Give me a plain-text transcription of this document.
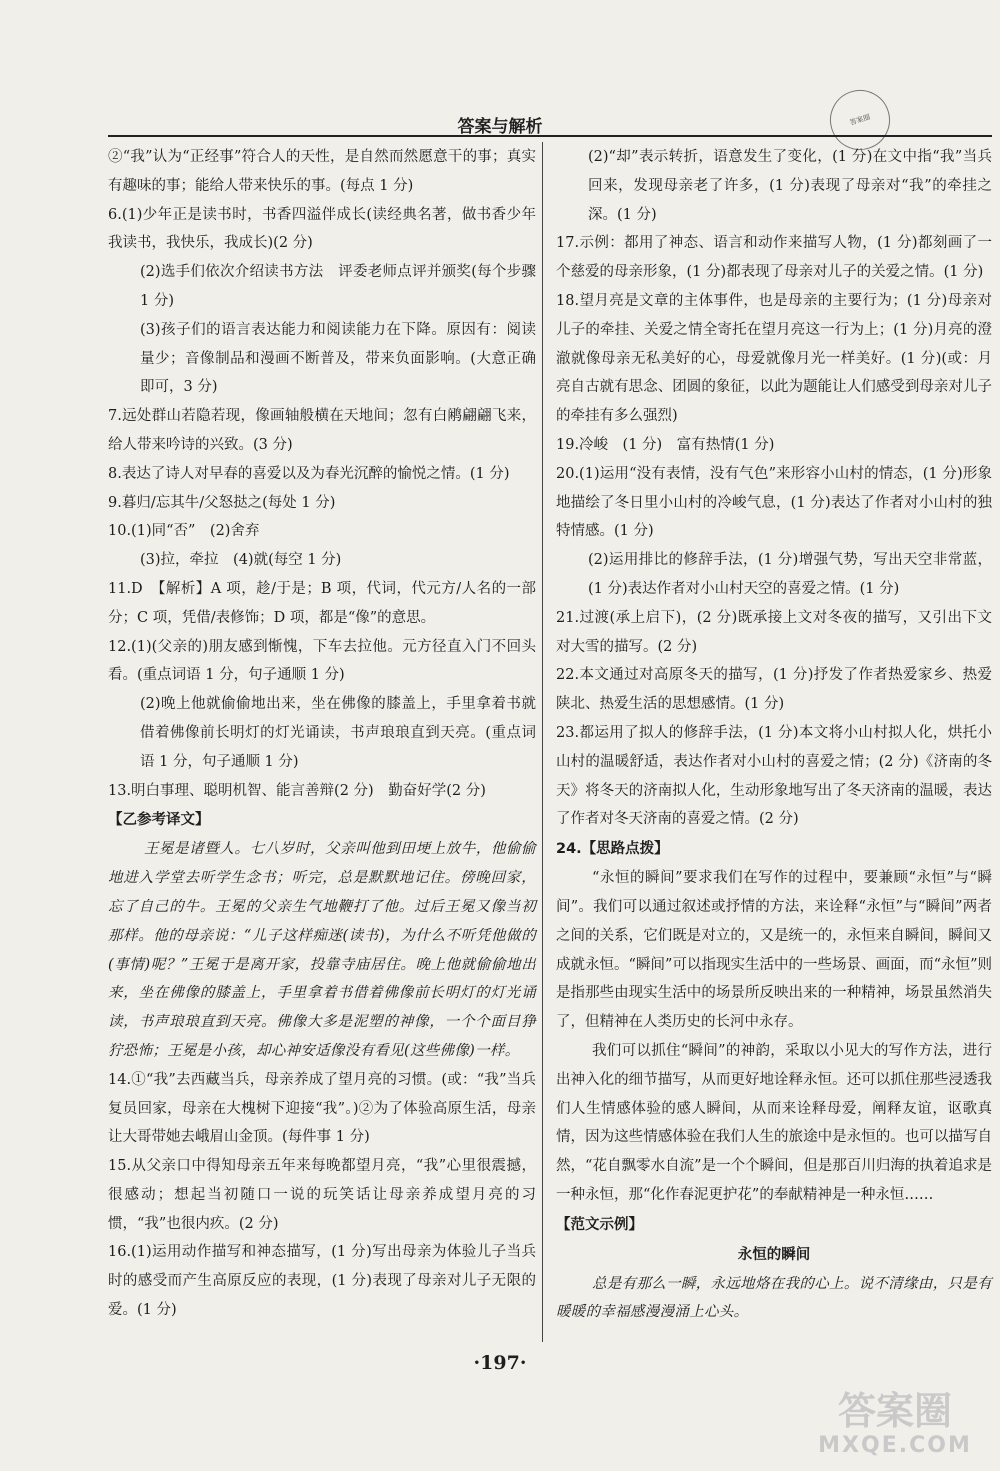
答案与解析	答案圈

②“我”认为“正经事”符合人的天性，是自然而然愿意干的事；真实有趣味的事；能给人带来快乐的事。(每点 1 分)

6.(1)少年正是读书时，书香四溢伴成长(读经典名著，做书香少年 我读书，我快乐，我成长)(2 分)

(2)选手们依次介绍读书方法　评委老师点评并颁奖(每个步骤 1 分)

(3)孩子们的语言表达能力和阅读能力在下降。原因有：阅读量少；音像制品和漫画不断普及，带来负面影响。(大意正确即可，3 分)

7.远处群山若隐若现，像画轴般横在天地间；忽有白鹇翩翩飞来，给人带来吟诗的兴致。(3 分)

8.表达了诗人对早春的喜爱以及为春光沉醉的愉悦之情。(1 分)

9.暮归/忘其牛/父怒挞之(每处 1 分)

10.(1)同“否”　(2)舍弃

(3)拉，牵拉　(4)就(每空 1 分)

11.D　【解析】A 项，趁/于是；B 项，代词，代元方/人名的一部分；C 项，凭借/表修饰；D 项，都是“像”的意思。

12.(1)(父亲的)朋友感到惭愧，下车去拉他。元方径直入门不回头看。(重点词语 1 分，句子通顺 1 分)

(2)晚上他就偷偷地出来，坐在佛像的膝盖上，手里拿着书就借着佛像前长明灯的灯光诵读，书声琅琅直到天亮。(重点词语 1 分，句子通顺 1 分)

13.明白事理、聪明机智、能言善辩(2 分)　勤奋好学(2 分)

【乙参考译文】

王冕是诸暨人。七八岁时，父亲叫他到田埂上放牛，他偷偷地进入学堂去听学生念书；听完，总是默默地记住。傍晚回家，忘了自己的牛。王冕的父亲生气地鞭打了他。过后王冕又像当初那样。他的母亲说：“儿子这样痴迷(读书)，为什么不听凭他做的(事情)呢？”王冕于是离开家，投靠寺庙居住。晚上他就偷偷地出来，坐在佛像的膝盖上，手里拿着书借着佛像前长明灯的灯光诵读，书声琅琅直到天亮。佛像大多是泥塑的神像，一个个面目狰狞恐怖；王冕是小孩，却心神安适像没有看见(这些佛像)一样。

14.①“我”去西藏当兵，母亲养成了望月亮的习惯。(或：“我”当兵复员回家，母亲在大槐树下迎接“我”。)②为了体验高原生活，母亲让大哥带她去峨眉山金顶。(每件事 1 分)

15.从父亲口中得知母亲五年来每晚都望月亮，“我”心里很震撼，很感动；想起当初随口一说的玩笑话让母亲养成望月亮的习惯，“我”也很内疚。(2 分)

16.(1)运用动作描写和神态描写，(1 分)写出母亲为体验儿子当兵时的感受而产生高原反应的表现，(1 分)表现了母亲对儿子无限的爱。(1 分)

(2)“却”表示转折，语意发生了变化，(1 分)在文中指“我”当兵回来，发现母亲老了许多，(1 分)表现了母亲对“我”的牵挂之深。(1 分)

17.示例：都用了神态、语言和动作来描写人物，(1 分)都刻画了一个慈爱的母亲形象，(1 分)都表现了母亲对儿子的关爱之情。(1 分)

18.望月亮是文章的主体事件，也是母亲的主要行为；(1 分)母亲对儿子的牵挂、关爱之情全寄托在望月亮这一行为上；(1 分)月亮的澄澈就像母亲无私美好的心，母爱就像月光一样美好。(1 分)(或：月亮自古就有思念、团圆的象征，以此为题能让人们感受到母亲对儿子的牵挂有多么强烈)

19.冷峻　(1 分)　富有热情(1 分)

20.(1)运用“没有表情，没有气色”来形容小山村的情态，(1 分)形象地描绘了冬日里小山村的冷峻气息，(1 分)表达了作者对小山村的独特情感。(1 分)

(2)运用排比的修辞手法，(1 分)增强气势，写出天空非常蓝，(1 分)表达作者对小山村天空的喜爱之情。(1 分)

21.过渡(承上启下)，(2 分)既承接上文对冬夜的描写，又引出下文对大雪的描写。(2 分)

22.本文通过对高原冬天的描写，(1 分)抒发了作者热爱家乡、热爱陕北、热爱生活的思想感情。(1 分)

23.都运用了拟人的修辞手法，(1 分)本文将小山村拟人化，烘托小山村的温暖舒适，表达作者对小山村的喜爱之情；(2 分)《济南的冬天》将冬天的济南拟人化，生动形象地写出了冬天济南的温暖，表达了作者对冬天济南的喜爱之情。(2 分)

24.【思路点拨】

“永恒的瞬间”要求我们在写作的过程中，要兼顾“永恒”与“瞬间”。我们可以通过叙述或抒情的方法，来诠释“永恒”与“瞬间”两者之间的关系，它们既是对立的，又是统一的，永恒来自瞬间，瞬间又成就永恒。“瞬间”可以指现实生活中的一些场景、画面，而“永恒”则是指那些由现实生活中的场景所反映出来的一种精神，场景虽然消失了，但精神在人类历史的长河中永存。

我们可以抓住“瞬间”的神韵，采取以小见大的写作方法，进行出神入化的细节描写，从而更好地诠释永恒。还可以抓住那些浸透我们人生情感体验的感人瞬间，从而来诠释母爱，阐释友谊，讴歌真情，因为这些情感体验在我们人生的旅途中是永恒的。也可以描写自然，“花自飘零水自流”是一个个瞬间，但是那百川归海的执着追求是一种永恒，那“化作春泥更护花”的奉献精神是一种永恒……

【范文示例】

永恒的瞬间

总是有那么一瞬，永远地烙在我的心上。说不清缘由，只是有暖暖的幸福感漫漫涌上心头。

·197·
答案圈
MXQE.COM
